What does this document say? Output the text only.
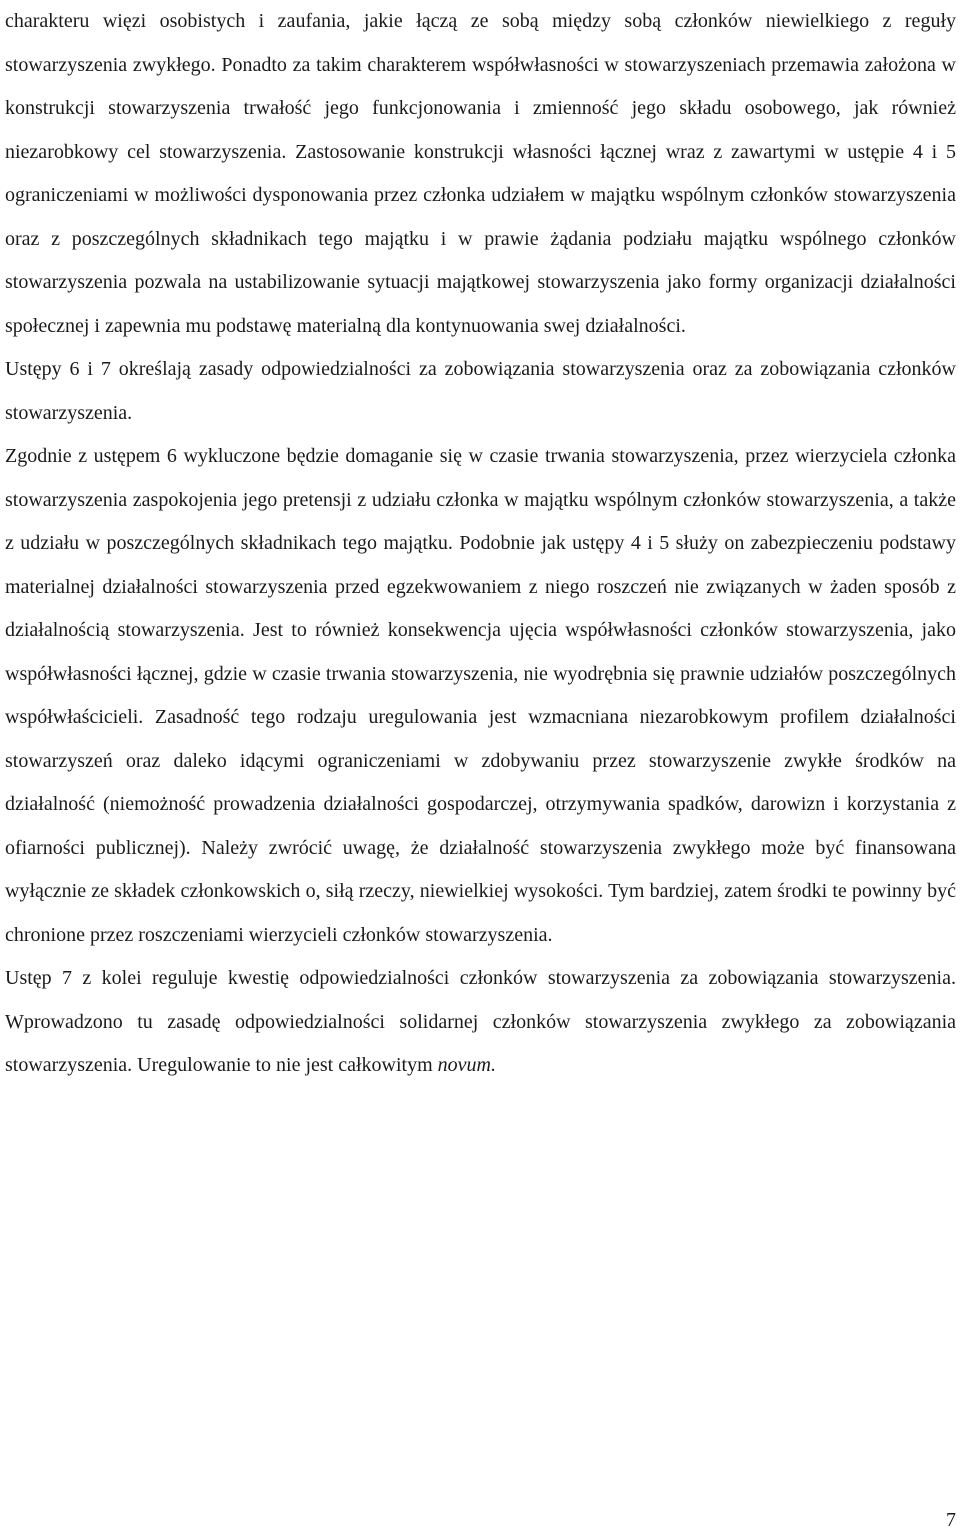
charakteru więzi osobistych i zaufania, jakie łączą ze sobą między sobą członków niewielkiego z reguły stowarzyszenia zwykłego. Ponadto za takim charakterem współwłasności w stowarzyszeniach przemawia założona w konstrukcji stowarzyszenia trwałość jego funkcjonowania i zmienność jego składu osobowego, jak również niezarobkowy cel stowarzyszenia. Zastosowanie konstrukcji własności łącznej wraz z zawartymi w ustępie 4 i 5 ograniczeniami w możliwości dysponowania przez członka udziałem w majątku wspólnym członków stowarzyszenia oraz z poszczególnych składnikach tego majątku i w prawie żądania podziału majątku wspólnego członków stowarzyszenia pozwala na ustabilizowanie sytuacji majątkowej stowarzyszenia jako formy organizacji działalności społecznej i zapewnia mu podstawę materialną dla kontynuowania swej działalności.

Ustępy 6 i 7 określają zasady odpowiedzialności za zobowiązania stowarzyszenia oraz za zobowiązania członków stowarzyszenia.

Zgodnie z ustępem 6 wykluczone będzie domaganie się w czasie trwania stowarzyszenia, przez wierzyciela członka stowarzyszenia zaspokojenia jego pretensji z udziału członka w majątku wspólnym członków stowarzyszenia, a także z udziału w poszczególnych składnikach tego majątku. Podobnie jak ustępy 4 i 5 służy on zabezpieczeniu podstawy materialnej działalności stowarzyszenia przed egzekwowaniem z niego roszczeń nie związanych w żaden sposób z działalnością stowarzyszenia. Jest to również konsekwencja ujęcia współwłasności członków stowarzyszenia, jako współwłasności łącznej, gdzie w czasie trwania stowarzyszenia, nie wyodrębnia się prawnie udziałów poszczególnych współwłaścicieli. Zasadność tego rodzaju uregulowania jest wzmacniana niezarobkowym profilem działalności stowarzyszeń oraz daleko idącymi ograniczeniami w zdobywaniu przez stowarzyszenie zwykłe środków na działalność (niemożność prowadzenia działalności gospodarczej, otrzymywania spadków, darowizn i korzystania z ofiarności publicznej). Należy zwrócić uwagę, że działalność stowarzyszenia zwykłego może być finansowana wyłącznie ze składek członkowskich o, siłą rzeczy, niewielkiej wysokości. Tym bardziej, zatem środki te powinny być chronione przez roszczeniami wierzycieli członków stowarzyszenia.

Ustęp 7 z kolei reguluje kwestię odpowiedzialności członków stowarzyszenia za zobowiązania stowarzyszenia. Wprowadzono tu zasadę odpowiedzialności solidarnej członków stowarzyszenia zwykłego za zobowiązania stowarzyszenia. Uregulowanie to nie jest całkowitym novum.

7
